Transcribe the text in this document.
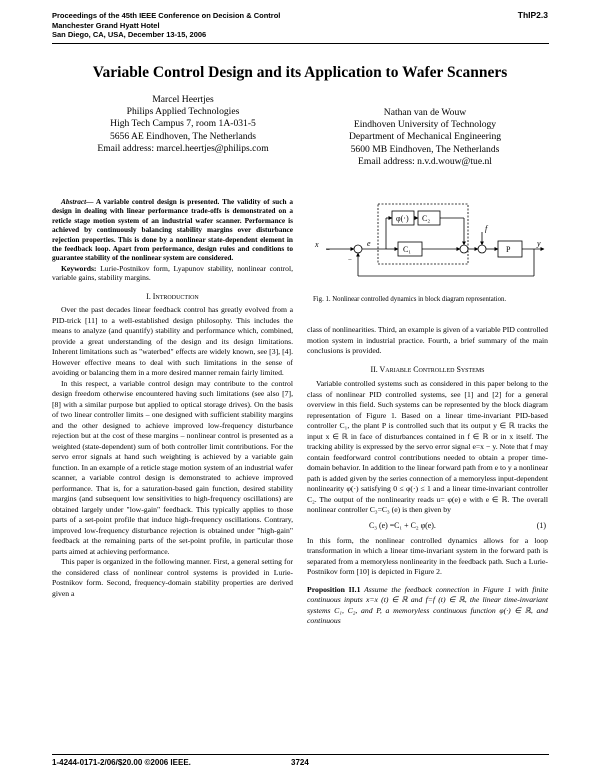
Proceedings of the 45th IEEE Conference on Decision & Control
Manchester Grand Hyatt Hotel
San Diego, CA, USA, December 13-15, 2006
ThIP2.3
Variable Control Design and its Application to Wafer Scanners
Marcel Heertjes
Philips Applied Technologies
High Tech Campus 7, room 1A-031-5
5656 AE Eindhoven, The Netherlands
Email address: marcel.heertjes@philips.com
Nathan van de Wouw
Eindhoven University of Technology
Department of Mechanical Engineering
5600 MB Eindhoven, The Netherlands
Email address: n.v.d.wouw@tue.nl

Abstract— A variable control design is presented. The validity of such a design in dealing with linear performance trade-offs is demonstrated on a reticle stage motion system of an industrial wafer scanner. Performance is achieved by continuously balancing stability margins over disturbance rejection properties. This is done by a nonlinear state-dependent element in the feedback loop. Apart from performance, design rules and conditions to guarantee stability of the nonlinear system are considered.

Keywords: Lurie-Postnikov form, Lyapunov stability, nonlinear control, variable gains, stability margins.

I. Introduction

Over the past decades linear feedback control has greatly evolved from a PID-trick [11] to a well-established design philosophy. This includes the means to analyze (and quantify) stability and performance which, combined, provide a great understanding of the design and its design limitations. Inherent limitations such as "waterbed" effects are widely known, see [3], [4]. However effective means to deal with such limitations in the sense of avoiding or balancing them in a more desired manner remain fairly limited.

In this respect, a variable control design may contribute to the control design freedom otherwise encountered having such limitations (see also [7], [8] with a similar purpose but applied to optical storage drives). On the basis of two linear controller limits – one designed with sufficient stability margins and the other designed to achieve improved low-frequency disturbance rejection but at the cost of these margins – nonlinear control is presented as a weighted (state-dependent) sum of both controller limit contributions. For the servo error signals at hand such weighting is achieved by a variable gain function. In an example of a reticle stage motion system of an industrial wafer scanner, a variable control design is demonstrated to achieve improved performance. That is, for a saturation-based gain function, desired stability margins (and subsequent low sensitivities to high-frequency oscillations) are obtained largely under "low-gain" feedback. This typically applies to those parts of a set-point profile that induce high-frequency oscillations. Contrary, improved low-frequency disturbance rejection is obtained under "high-gain" feedback at the remaining parts of the set-point profile, in particular those parts aimed at achieving performance.

This paper is organized in the following manner. First, a general setting for the considered class of nonlinear control systems is provided in Lurie-Postnikov form. Second, frequency-domain stability properties are derived given a

φ(·) C₂
C₁	P
x	e
f
y
−
−
Fig. 1. Nonlinear controlled dynamics in block diagram representation.

class of nonlinearities. Third, an example is given of a variable PID controlled motion system in industrial practice. Fourth, a brief summary of the main conclusions is provided.

II. Variable Controlled Systems

Variable controlled systems such as considered in this paper belong to the class of nonlinear PID controlled systems, see [1] and [2] for a general overview in this field. Such systems can be represented by the block diagram representation of Figure 1. Based on a linear time-invariant PID-based controller C₁, the plant P is controlled such that its output y ∈ ℝ tracks the input x ∈ ℝ in face of disturbances contained in f ∈ ℝ or in x itself. The tracking ability is expressed by the servo error signal e=x − y. Note that f may contain feedforward control contributions needed to obtain a proper time-domain behavior. In addition to the linear forward path from e to y a nonlinear path is added given by the series connection of a memoryless input-dependent nonlinearity φ(·) satisfying 0 ≤ φ(·) ≤ 1 and a linear time-invariant controller C₂. The output of the nonlinearity reads u= φ(e) e with e ∈ ℝ. The overall nonlinear controller C₃=C₃ (e) is then given by

C₃ (e) =C₁ + C₂ φ(e).	(1)

In this form, the nonlinear controlled dynamics allows for a loop transformation in which a linear time-invariant system in the forward path is separated from a memoryless nonlinearity in the feedback path. Such a Lurie-Postnikov form [10] is depicted in Figure 2.

Proposition II.1 Assume the feedback connection in Figure 1 with finite continuous inputs x=x (t) ∈ ℝ and f=f (t) ∈ ℝ, the linear time-invariant systems C₁, C₂, and P, a memoryless continuous function φ(·) ∈ ℝ, and continuous

1-4244-0171-2/06/$20.00 ©2006 IEEE.	3724
